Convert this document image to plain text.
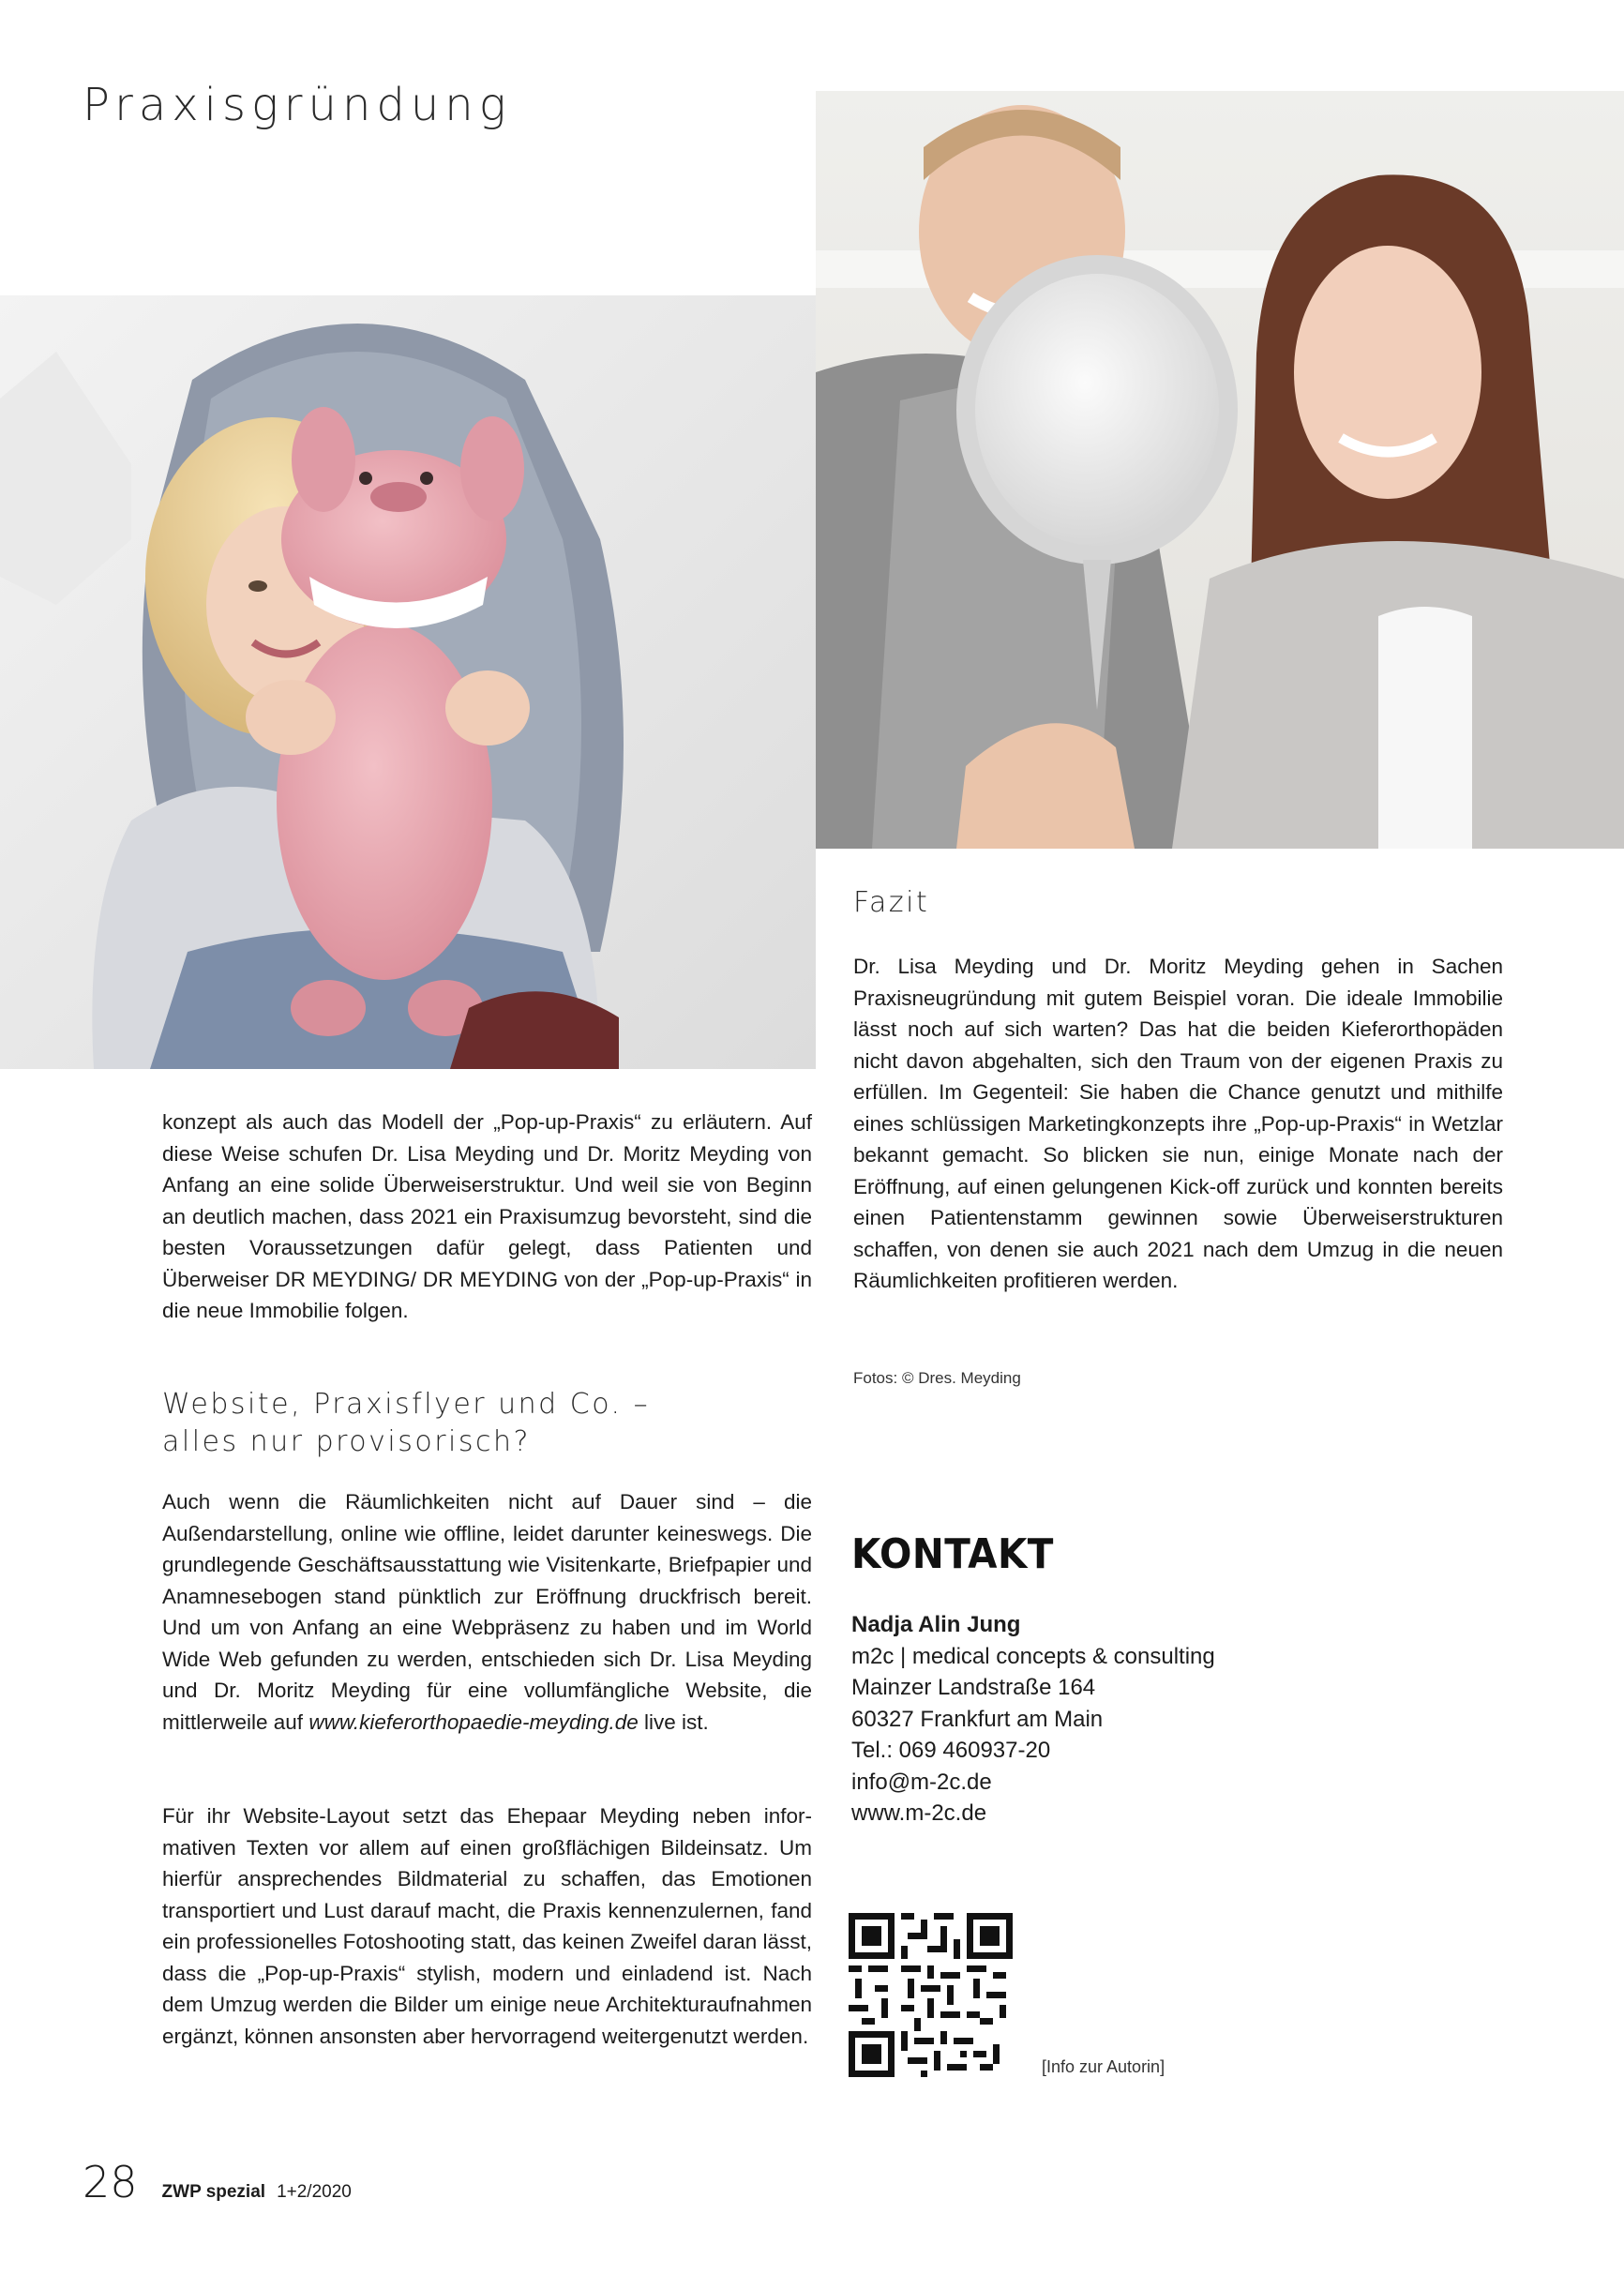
Praxisgründung

konzept als auch das Modell der „Pop-up-Praxis“ zu erläutern. Auf diese Weise schufen Dr. Lisa Meyding und Dr. Moritz Meyding von Anfang an eine solide Überweiserstruktur. Und weil sie von Beginn an deutlich machen, dass 2021 ein Praxisumzug bevorsteht, sind die besten Voraussetzungen dafür gelegt, dass Patienten und Überweiser DR MEYDING/ DR MEYDING von der „Pop-up-Praxis“ in die neue Immobilie folgen.

Website, Praxisflyer und Co. –

alles nur provisorisch?

Auch wenn die Räumlichkeiten nicht auf Dauer sind – die Außendarstellung, online wie offline, leidet darunter keineswegs. Die grundlegende Geschäftsausstattung wie Visitenkarte, Briefpapier und Anamnesebogen stand pünktlich zur Eröffnung druckfrisch bereit. Und um von Anfang an eine Webpräsenz zu haben und im World Wide Web gefunden zu werden, entschieden sich Dr. Lisa Meyding und Dr. Moritz Meyding für eine vollumfängliche Website, die mittlerweile auf www.kieferorthopaedie-meyding.de live ist.

Für ihr Website-Layout setzt das Ehepaar Meyding neben informativen Texten vor allem auf einen großflächigen Bildeinsatz. Um hierfür ansprechendes Bildmaterial zu schaffen, das Emotionen transportiert und Lust darauf macht, die Praxis kennenzulernen, fand ein professionelles Fotoshooting statt, das keinen Zweifel daran lässt, dass die „Pop-up-Praxis“ stylish, modern und einladend ist. Nach dem Umzug werden die Bilder um einige neue Architekturaufnahmen ergänzt, können ansonsten aber hervorragend weitergenutzt werden.

Fazit

Dr. Lisa Meyding und Dr. Moritz Meyding gehen in Sachen Praxisneugründung mit gutem Beispiel voran. Die ideale Immobilie lässt noch auf sich warten? Das hat die beiden Kieferorthopäden nicht davon abgehalten, sich den Traum von der eigenen Praxis zu erfüllen. Im Gegenteil: Sie haben die Chance genutzt und mithilfe eines schlüssigen Marketingkonzepts ihre „Pop-up-Praxis“ in Wetzlar bekannt gemacht. So blicken sie nun, einige Monate nach der Eröffnung, auf einen gelungenen Kick-off zurück und konnten bereits einen Patientenstamm gewinnen sowie Überweiserstrukturen schaffen, von denen sie auch 2021 nach dem Umzug in die neuen Räumlichkeiten profitieren werden.

Fotos: © Dres. Meyding

KONTAKT

Nadja Alin Jung

m2c | medical concepts & consulting

Mainzer Landstraße 164

60327 Frankfurt am Main

Tel.: 069 460937-20

info@m-2c.de

www.m-2c.de

[Info zur Autorin]

28 ZWP spezial 1+2/2020
